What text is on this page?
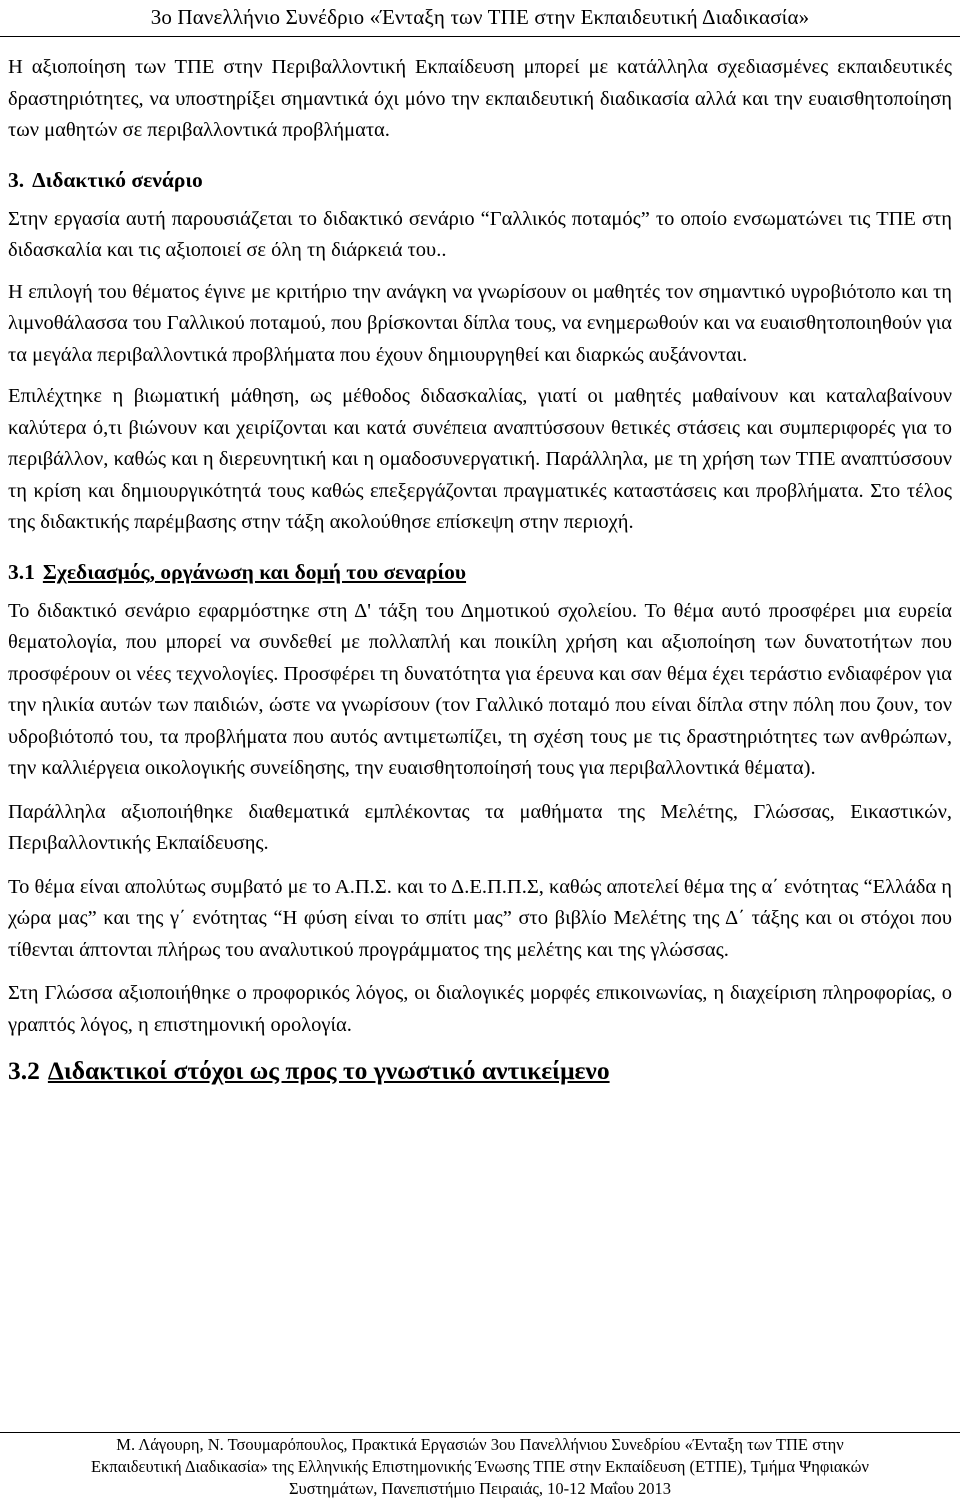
3ο Πανελλήνιο Συνέδριο «Ένταξη των ΤΠΕ στην Εκπαιδευτική Διαδικασία»

Η αξιοποίηση των ΤΠΕ στην Περιβαλλοντική Εκπαίδευση μπορεί με κατάλληλα σχεδιασμένες εκπαιδευτικές δραστηριότητες, να υποστηρίξει σημαντικά όχι μόνο την εκπαιδευτική διαδικασία αλλά και την ευαισθητοποίηση των μαθητών σε περιβαλλοντικά προβλήματα.

3. Διδακτικό σενάριο

Στην εργασία αυτή παρουσιάζεται το διδακτικό σενάριο “Γαλλικός ποταμός” το οποίο ενσωματώνει τις ΤΠΕ στη διδασκαλία και τις αξιοποιεί σε όλη τη διάρκειά του..

Η επιλογή του θέματος έγινε με κριτήριο την ανάγκη να γνωρίσουν οι μαθητές τον σημαντικό υγροβιότοπο και τη λιμνοθάλασσα του Γαλλικού ποταμού, που βρίσκονται δίπλα τους, να ενημερωθούν και να ευαισθητοποιηθούν για τα μεγάλα περιβαλλοντικά προβλήματα που έχουν δημιουργηθεί και διαρκώς αυξάνονται.

Επιλέχτηκε η βιωματική μάθηση, ως μέθοδος διδασκαλίας, γιατί οι μαθητές μαθαίνουν και καταλαβαίνουν καλύτερα ό,τι βιώνουν και χειρίζονται και κατά συνέπεια αναπτύσσουν θετικές στάσεις και συμπεριφορές για το περιβάλλον, καθώς και η διερευνητική και η ομαδοσυνεργατική. Παράλληλα, με τη χρήση των ΤΠΕ αναπτύσσουν τη κρίση και δημιουργικότητά τους καθώς επεξεργάζονται πραγματικές καταστάσεις και προβλήματα. Στο τέλος της διδακτικής παρέμβασης στην τάξη ακολούθησε επίσκεψη στην περιοχή.

3.1 Σχεδιασμός, οργάνωση και δομή του σεναρίου

Το διδακτικό σενάριο εφαρμόστηκε στη Δ' τάξη του Δημοτικού σχολείου. Το θέμα αυτό προσφέρει μια ευρεία θεματολογία, που μπορεί να συνδεθεί με πολλαπλή και ποικίλη χρήση και αξιοποίηση των δυνατοτήτων που προσφέρουν οι νέες τεχνολογίες. Προσφέρει τη δυνατότητα για έρευνα και σαν θέμα έχει τεράστιο ενδιαφέρον για την ηλικία αυτών των παιδιών, ώστε να γνωρίσουν (τον Γαλλικό ποταμό που είναι δίπλα στην πόλη που ζουν, τον υδροβιότοπό του, τα προβλήματα που αυτός αντιμετωπίζει, τη σχέση τους με τις δραστηριότητες των ανθρώπων, την καλλιέργεια οικολογικής συνείδησης, την ευαισθητοποίησή τους για περιβαλλοντικά θέματα).

Παράλληλα αξιοποιήθηκε διαθεματικά εμπλέκοντας τα μαθήματα της Μελέτης, Γλώσσας, Εικαστικών, Περιβαλλοντικής Εκπαίδευσης.

Το θέμα είναι απολύτως συμβατό με το Α.Π.Σ. και το Δ.Ε.Π.Π.Σ, καθώς αποτελεί θέμα της α΄ ενότητας “Ελλάδα η χώρα μας” και της γ΄ ενότητας “Η φύση είναι το σπίτι μας” στο βιβλίο Μελέτης της Δ΄ τάξης και οι στόχοι που τίθενται άπτονται πλήρως του αναλυτικού προγράμματος της μελέτης και της γλώσσας.

Στη Γλώσσα αξιοποιήθηκε ο προφορικός λόγος, οι διαλογικές μορφές επικοινωνίας, η διαχείριση πληροφορίας, ο γραπτός λόγος, η επιστημονική ορολογία.

3.2 Διδακτικοί στόχοι ως προς το γνωστικό αντικείμενο
Μ. Λάγουρη, Ν. Τσουμαρόπουλος, Πρακτικά Εργασιών 3ου Πανελλήνιου Συνεδρίου «Ένταξη των ΤΠΕ στην
Εκπαιδευτική Διαδικασία» της Ελληνικής Επιστημονικής Ένωσης ΤΠΕ στην Εκπαίδευση (ΕΤΠΕ), Τμήμα Ψηφιακών
Συστημάτων, Πανεπιστήμιο Πειραιάς, 10-12 Μαΐου 2013
